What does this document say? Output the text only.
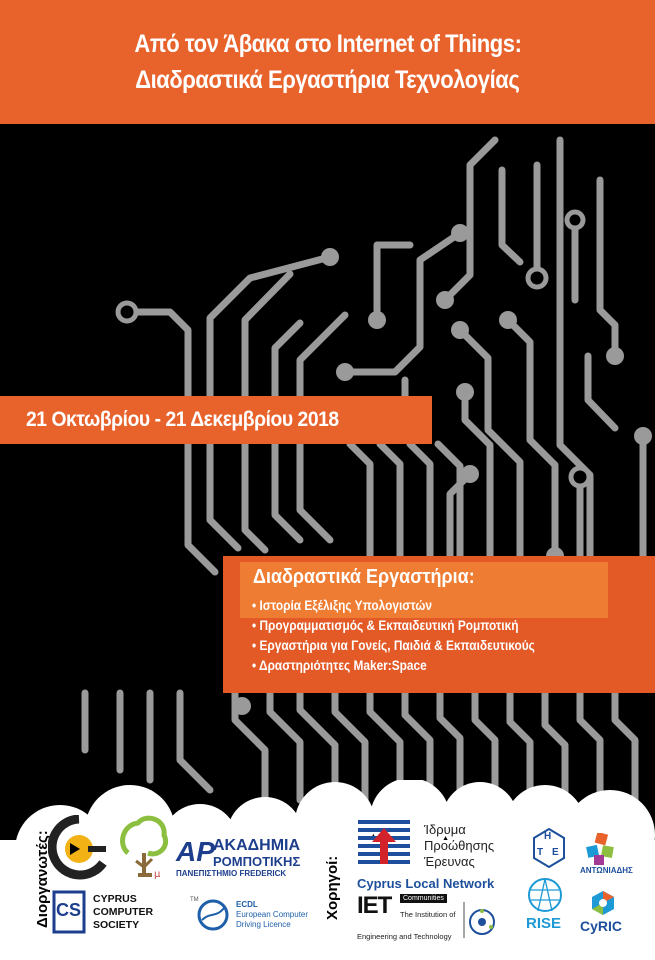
Από τον Άβακα στο Internet of Things:
Διαδραστικά Εργαστήρια Τεχνολογίας
21 Οκτωβρίου - 21 Δεκεμβρίου 2018
Διαδραστικά Εργαστήρια:
• Ιστορία Εξέλιξης Υπολογιστών
• Προγραμματισμός & Εκπαιδευτική Ρομποτική
• Εργαστήρια για Γονείς, Παιδιά & Εκπαιδευτικούς
• Δραστηριότητες Maker:Space
Διοργανωτές:	μ
ΑΡ
ΑΚΑΔΗΜΙΑ
ΡΟΜΠΟΤΙΚΗΣ
ΠΑΝΕΠΙΣΤΗΜΙΟ FREDERICK
CS
CYPRUS
COMPUTER
SOCIETY
TM	ECDL
European Computer
Driving Licence
Χορηγοί:
Ίδρυμα
Προώθησης
Έρευνας
Cyprus Local Network
IET	Communities
The Institution of
Engineering and Technology
Η
Τ Ε
ΑΝΤΩΝΙΑΔΗΣ
RISE CyRIC
